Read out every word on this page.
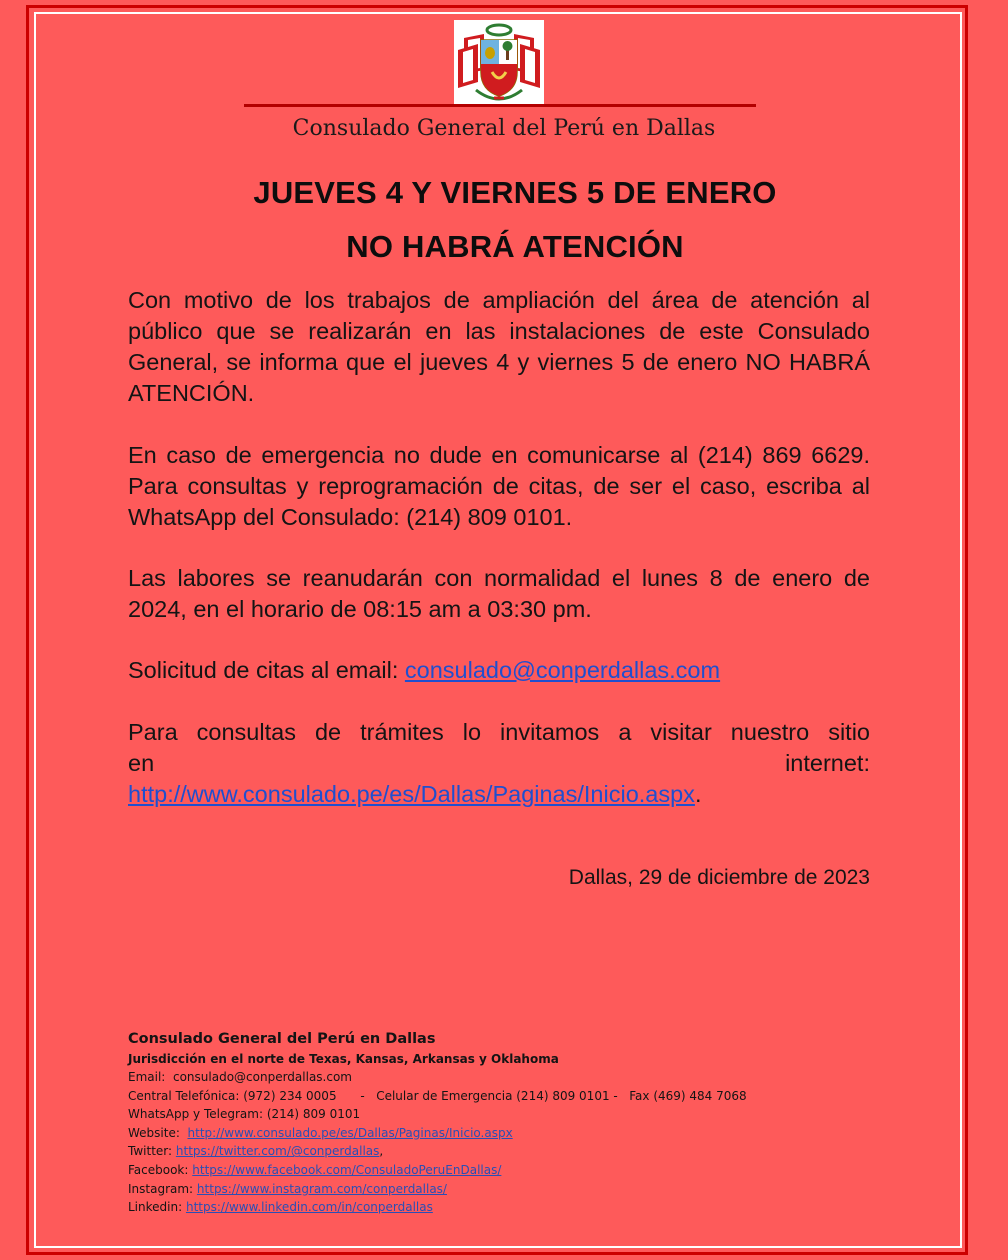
Consulado General del Perú en Dallas
JUEVES 4 Y VIERNES 5 DE ENERO
NO HABRÁ ATENCIÓN
Con motivo de los trabajos de ampliación del área de atención al público que se realizarán en las instalaciones de este Consulado General, se informa que el jueves 4 y viernes 5 de enero NO HABRÁ ATENCIÓN.
En caso de emergencia no dude en comunicarse al (214) 869 6629. Para consultas y reprogramación de citas, de ser el caso, escriba al WhatsApp del Consulado: (214) 809 0101.
Las labores se reanudarán con normalidad el lunes 8 de enero de 2024, en el horario de 08:15 am a 03:30 pm.
Solicitud de citas al email: consulado@conperdallas.com
Para consultas de trámites lo invitamos a visitar nuestro sitio
en	internet:
http://www.consulado.pe/es/Dallas/Paginas/Inicio.aspx.
Dallas, 29 de diciembre de 2023
Consulado General del Perú en Dallas
Jurisdicción en el norte de Texas, Kansas, Arkansas y Oklahoma
Email: consulado@conperdallas.com
Central Telefónica: (972) 234 0005 - Celular de Emergencia (214) 809 0101 - Fax (469) 484 7068
WhatsApp y Telegram: (214) 809 0101
Website: http://www.consulado.pe/es/Dallas/Paginas/Inicio.aspx
Twitter: https://twitter.com/@conperdallas,
Facebook: https://www.facebook.com/ConsuladoPeruEnDallas/
Instagram: https://www.instagram.com/conperdallas/
Linkedin: https://www.linkedin.com/in/conperdallas
